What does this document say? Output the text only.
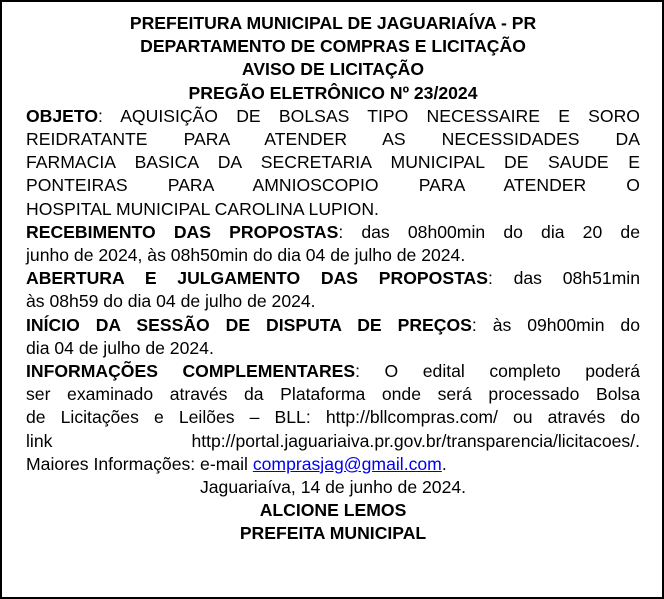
PREFEITURA MUNICIPAL DE JAGUARIAÍVA - PR
DEPARTAMENTO DE COMPRAS E LICITAÇÃO
AVISO DE LICITAÇÃO
PREGÃO ELETRÔNICO Nº 23/2024
OBJETO: AQUISIÇÃO DE BOLSAS TIPO NECESSAIRE E SORO
REIDRATANTE PARA ATENDER AS NECESSIDADES DA
FARMACIA BASICA DA SECRETARIA MUNICIPAL DE SAUDE E
PONTEIRAS PARA AMNIOSCOPIO PARA ATENDER O
HOSPITAL MUNICIPAL CAROLINA LUPION.
RECEBIMENTO DAS PROPOSTAS: das 08h00min do dia 20 de
junho de 2024, às 08h50min do dia 04 de julho de 2024.
ABERTURA E JULGAMENTO DAS PROPOSTAS: das 08h51min
às 08h59 do dia 04 de julho de 2024.
INÍCIO DA SESSÃO DE DISPUTA DE PREÇOS: às 09h00min do
dia 04 de julho de 2024.
INFORMAÇÕES COMPLEMENTARES: O edital completo poderá
ser examinado através da Plataforma onde será processado Bolsa
de Licitações e Leilões – BLL: http://bllcompras.com/ ou através do
link	http://portal.jaguariaiva.pr.gov.br/transparencia/licitacoes/.
Maiores Informações: e-mail comprasjag@gmail.com.
Jaguariaíva, 14 de junho de 2024.
ALCIONE LEMOS
PREFEITA MUNICIPAL
